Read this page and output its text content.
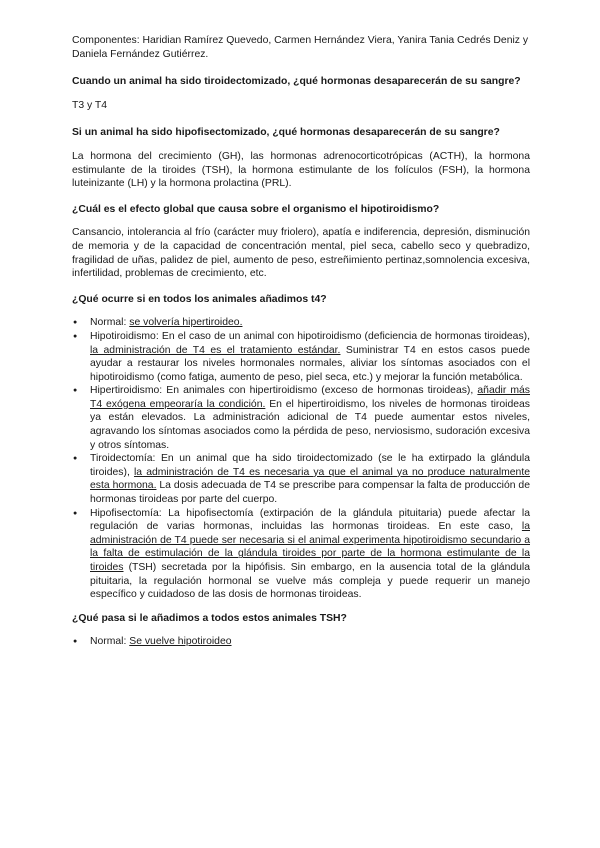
Componentes: Haridian Ramírez Quevedo, Carmen Hernández Viera, Yanira Tania Cedrés Deniz y Daniela Fernández Gutiérrez.

Cuando un animal ha sido tiroidectomizado, ¿qué hormonas desaparecerán de su sangre?

T3 y T4

Si un animal ha sido hipofisectomizado, ¿qué hormonas desaparecerán de su sangre?

La hormona del crecimiento (GH), las hormonas adrenocorticotrópicas (ACTH), la hormona estimulante de la tiroides (TSH), la hormona estimulante de los folículos (FSH), la hormona luteinizante (LH) y la hormona prolactina (PRL).

¿Cuál es el efecto global que causa sobre el organismo el hipotiroidismo?

Cansancio, intolerancia al frío (carácter muy friolero), apatía e indiferencia, depresión, disminución de memoria y de la capacidad de concentración mental, piel seca, cabello seco y quebradizo, fragilidad de uñas, palidez de piel, aumento de peso, estreñimiento pertinaz,somnolencia excesiva, infertilidad, problemas de crecimiento, etc.

¿Qué ocurre si en todos los animales añadimos t4?

● Normal: se volvería hipertiroideo.
● Hipotiroidismo: En el caso de un animal con hipotiroidismo (deficiencia de hormonas tiroideas), la administración de T4 es el tratamiento estándar. Suministrar T4 en estos casos puede ayudar a restaurar los niveles hormonales normales, aliviar los síntomas asociados con el hipotiroidismo (como fatiga, aumento de peso, piel seca, etc.) y mejorar la función metabólica.
● Hipertiroidismo: En animales con hipertiroidismo (exceso de hormonas tiroideas), añadir más T4 exógena empeoraría la condición. En el hipertiroidismo, los niveles de hormonas tiroideas ya están elevados. La administración adicional de T4 puede aumentar estos niveles, agravando los síntomas asociados como la pérdida de peso, nerviosismo, sudoración excesiva y otros síntomas.
● Tiroidectomía: En un animal que ha sido tiroidectomizado (se le ha extirpado la glándula tiroides), la administración de T4 es necesaria ya que el animal ya no produce naturalmente esta hormona. La dosis adecuada de T4 se prescribe para compensar la falta de producción de hormonas tiroideas por parte del cuerpo.
● Hipofisectomía: La hipofisectomía (extirpación de la glándula pituitaria) puede afectar la regulación de varias hormonas, incluidas las hormonas tiroideas. En este caso, la administración de T4 puede ser necesaria si el animal experimenta hipotiroidismo secundario a la falta de estimulación de la glándula tiroides por parte de la hormona estimulante de la tiroides (TSH) secretada por la hipófisis. Sin embargo, en la ausencia total de la glándula pituitaria, la regulación hormonal se vuelve más compleja y puede requerir un manejo específico y cuidadoso de las dosis de hormonas tiroideas.

¿Qué pasa si le añadimos a todos estos animales TSH?

● Normal: Se vuelve hipotiroideo
